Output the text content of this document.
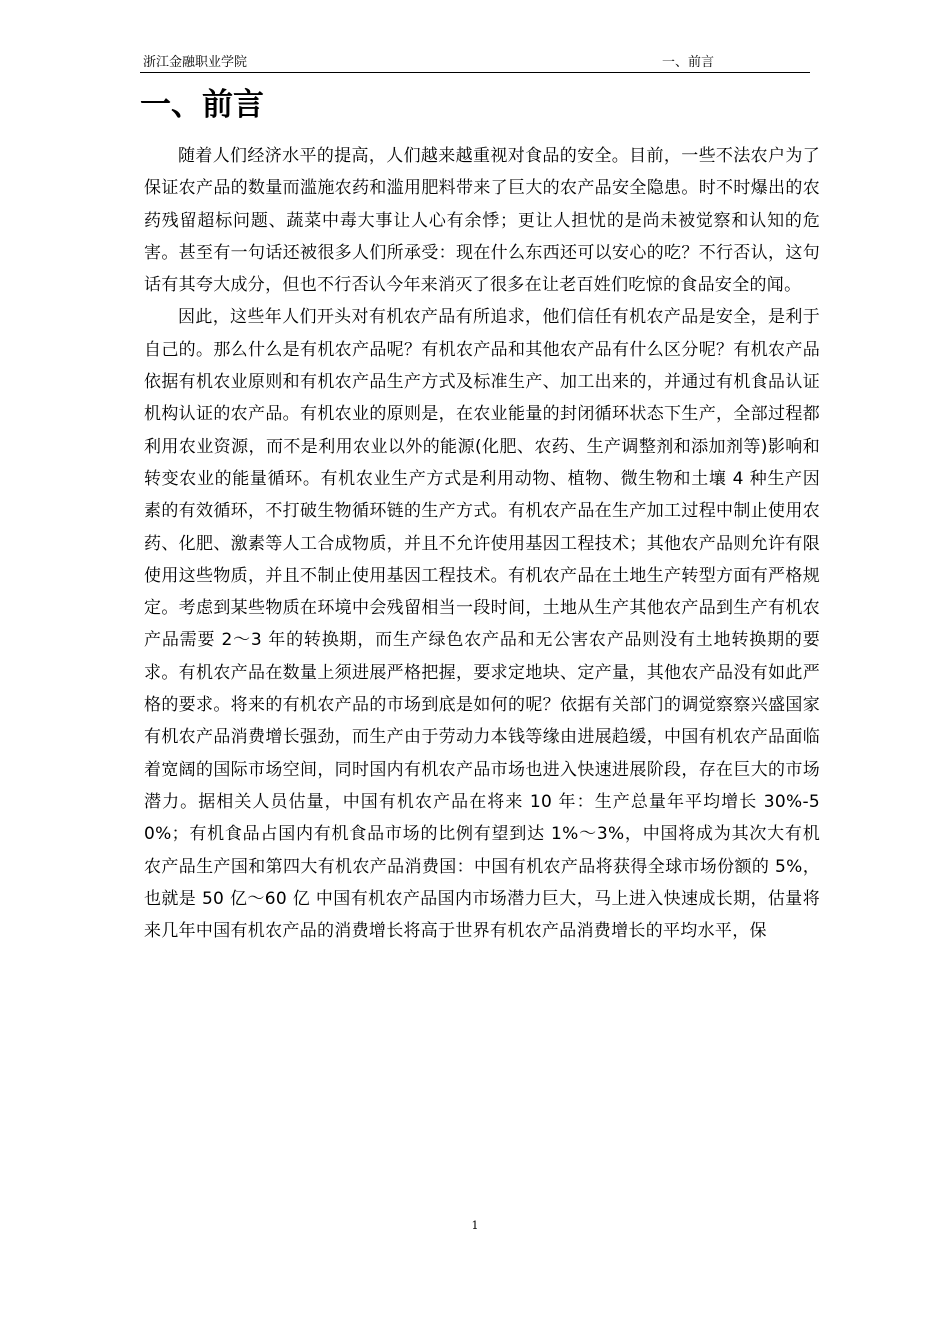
浙江金融职业学院	一、前言
一、前言

随着人们经济水平的提高，人们越来越重视对食品的安全。目前，一些不法农户为了保证农产品的数量而滥施农药和滥用肥料带来了巨大的农产品安全隐患。时不时爆出的农药残留超标问题、蔬菜中毒大事让人心有余悸；更让人担忧的是尚未被觉察和认知的危害。甚至有一句话还被很多人们所承受：现在什么东西还可以安心的吃？不行否认，这句话有其夸大成分，但也不行否认今年来消灭了很多在让老百姓们吃惊的食品安全的闻。

因此，这些年人们开头对有机农产品有所追求，他们信任有机农产品是安全，是利于自己的。那么什么是有机农产品呢？有机农产品和其他农产品有什么区分呢？有机农产品依据有机农业原则和有机农产品生产方式及标准生产、加工出来的，并通过有机食品认证机构认证的农产品。有机农业的原则是，在农业能量的封闭循环状态下生产，全部过程都利用农业资源，而不是利用农业以外的能源(化肥、农药、生产调整剂和添加剂等)影响和转变农业的能量循环。有机农业生产方式是利用动物、植物、微生物和土壤 4 种生产因素的有效循环，不打破生物循环链的生产方式。有机农产品在生产加工过程中制止使用农药、化肥、激素等人工合成物质，并且不允许使用基因工程技术；其他农产品则允许有限使用这些物质，并且不制止使用基因工程技术。有机农产品在土地生产转型方面有严格规定。考虑到某些物质在环境中会残留相当一段时间，土地从生产其他农产品到生产有机农产品需要 2～3 年的转换期，而生产绿色农产品和无公害农产品则没有土地转换期的要求。有机农产品在数量上须进展严格把握，要求定地块、定产量，其他农产品没有如此严格的要求。将来的有机农产品的市场到底是如何的呢？依据有关部门的调觉察察兴盛国家有机农产品消费增长强劲，而生产由于劳动力本钱等缘由进展趋缓，中国有机农产品面临着宽阔的国际市场空间，同时国内有机农产品市场也进入快速进展阶段，存在巨大的市场潜力。据相关人员估量，中国有机农产品在将来 10 年：生产总量年平均增长 30%-50%；有机食品占国内有机食品市场的比例有望到达 1%～3%，中国将成为其次大有机农产品生产国和第四大有机农产品消费国：中国有机农产品将获得全球市场份额的 5%，也就是 50 亿～60 亿 中国有机农产品国内市场潜力巨大，马上进入快速成长期，估量将来几年中国有机农产品的消费增长将高于世界有机农产品消费增长的平均水平，保

1
